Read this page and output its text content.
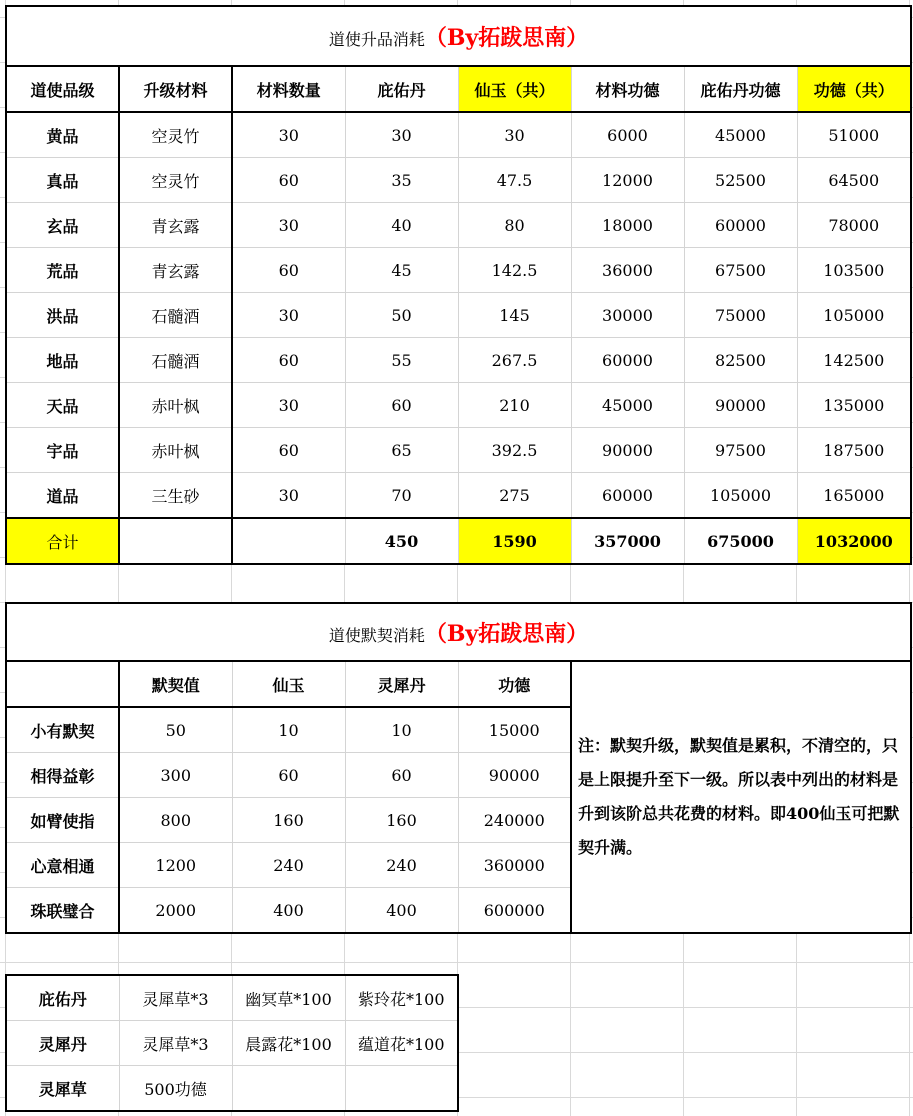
道使升品消耗（By拓跋思南）							
道使品级	升级材料	材料数量	庇佑丹	仙玉（共）	材料功德	庇佑丹功德	功德（共）
黄品	空灵竹	30	30	30	6000	45000	51000
真品	空灵竹	60	35	47.5	12000	52500	64500
玄品	青玄露	30	40	80	18000	60000	78000
荒品	青玄露	60	45	142.5	36000	67500	103500
洪品	石髓酒	30	50	145	30000	75000	105000
地品	石髓酒	60	55	267.5	60000	82500	142500
天品	赤叶枫	30	60	210	45000	90000	135000
宇品	赤叶枫	60	65	392.5	90000	97500	187500
道品	三生砂	30	70	275	60000	105000	165000
合计			450	1590	357000	675000	1032000
道使默契消耗（By拓跋思南）					
	默契值	仙玉	灵犀丹	功德	注：默契升级，默契值是累积，不清空的，只是上限提升至下一级。所以表中列出的材料是升到该阶总共花费的材料。即400仙玉可把默契升满。
小有默契	50	10	10	15000	
相得益彰	300	60	60	90000	
如臂使指	800	160	160	240000	
心意相通	1200	240	240	360000	
珠联璧合	2000	400	400	600000	
庇佑丹	灵犀草*3	幽冥草*100	紫玲花*100
灵犀丹	灵犀草*3	晨露花*100	蕴道花*100
灵犀草	500功德		
